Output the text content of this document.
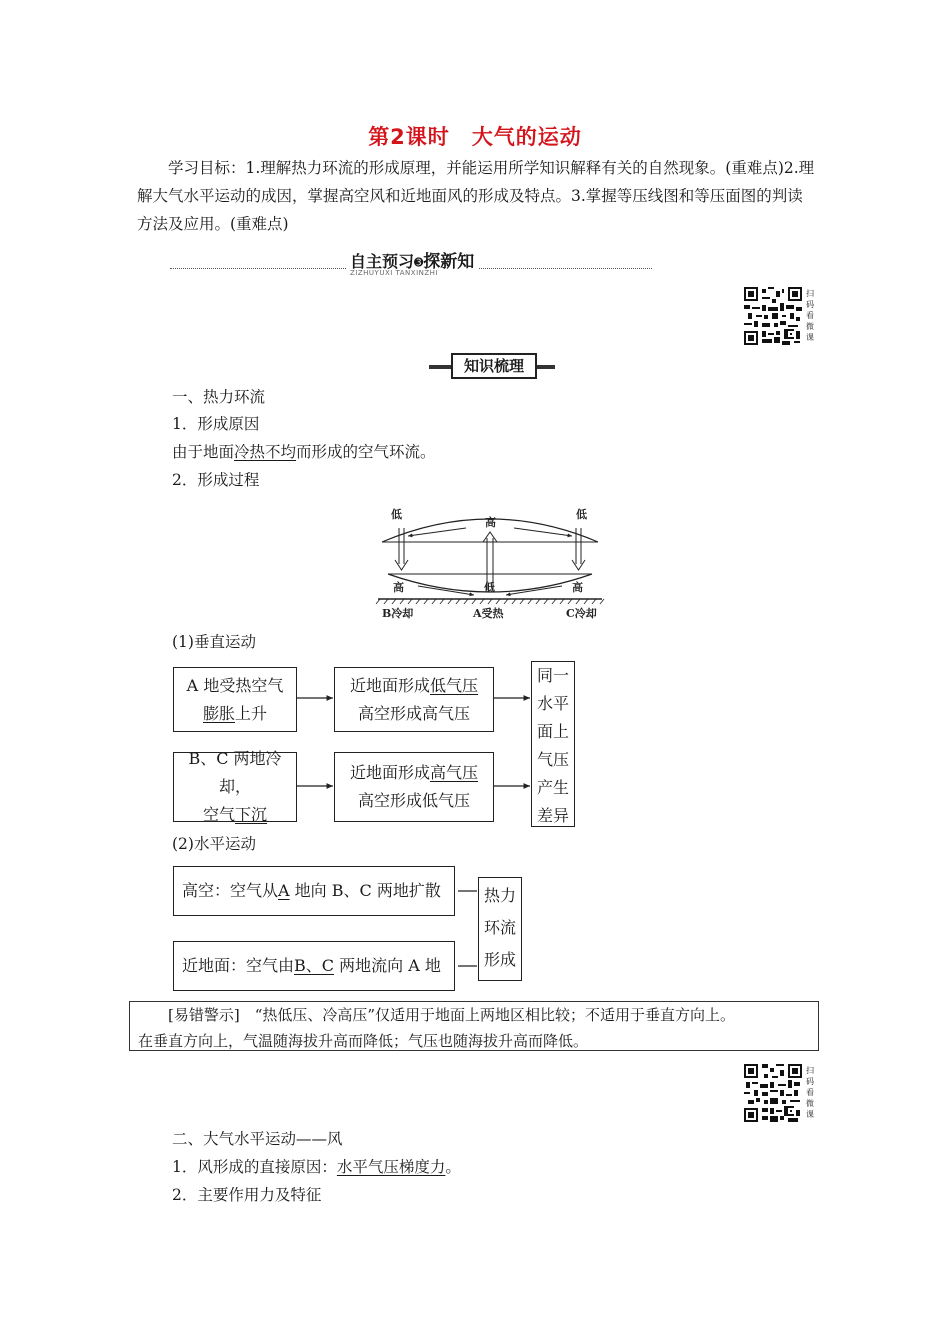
第2课时 大气的运动
学习目标：1.理解热力环流的形成原理，并能运用所学知识解释有关的自然现象。(重难点)2.理解大气水平运动的成因，掌握高空风和近地面风的形成及特点。3.掌握等压线图和等压面图的判读方法及应用。(重难点)
自主预习➌探新知
ZIZHUYUXI TANXINZHI
扫
码
看
微
课
知识梳理
一、热力环流
1．形成原因
由于地面冷热不均而形成的空气环流。
2．形成过程
低
高
低
高	低	高
B冷却	A受热	C冷却
(1)垂直运动
A 地受热空气
膨胀上升
近地面形成低气压
高空形成高气压
B、C 两地冷却，
空气下沉
近地面形成高气压
高空形成低气压
同一
水平
面上
气压
产生
差异
(2)水平运动
高空：空气从 A 地向 B、C 两地扩散
近地面：空气由 B、C 两地流向 A 地
热力
环流
形成

[易错警示]　“热低压、冷高压”仅适用于地面上两地区相比较；不适用于垂直方向上。

在垂直方向上，气温随海拔升高而降低；气压也随海拔升高而降低。

扫
码
看
微
课
二、大气水平运动——风
1．风形成的直接原因：水平气压梯度力。
2．主要作用力及特征
